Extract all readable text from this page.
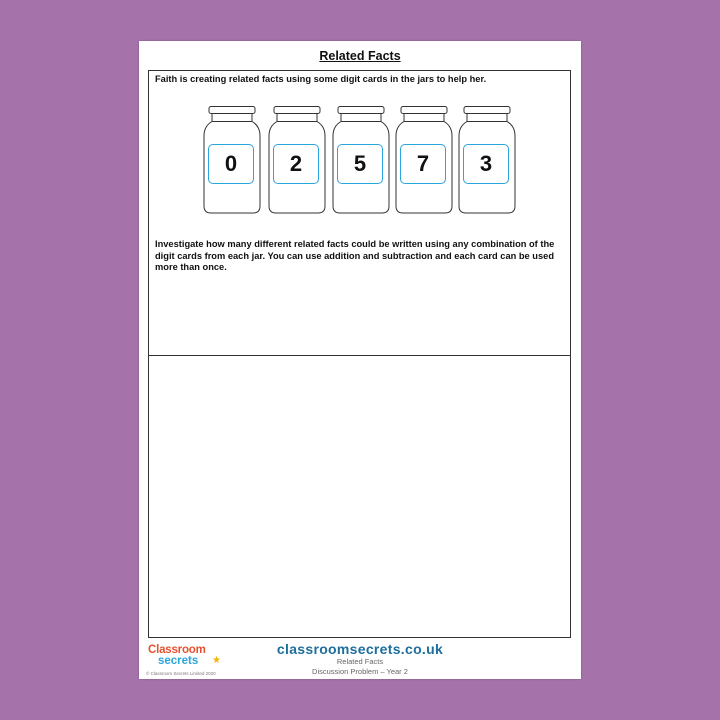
Related Facts
Faith is creating related facts using some digit cards in the jars to help her.
0	2	5	7	3
Investigate how many different related facts could be written using any combination of the digit cards from each jar. You can use addition and subtraction and each card can be used more than once.
Classroom
secrets ★
© Classroom Secrets Limited 2020
classroomsecrets.co.uk
Related Facts
Discussion Problem – Year 2
